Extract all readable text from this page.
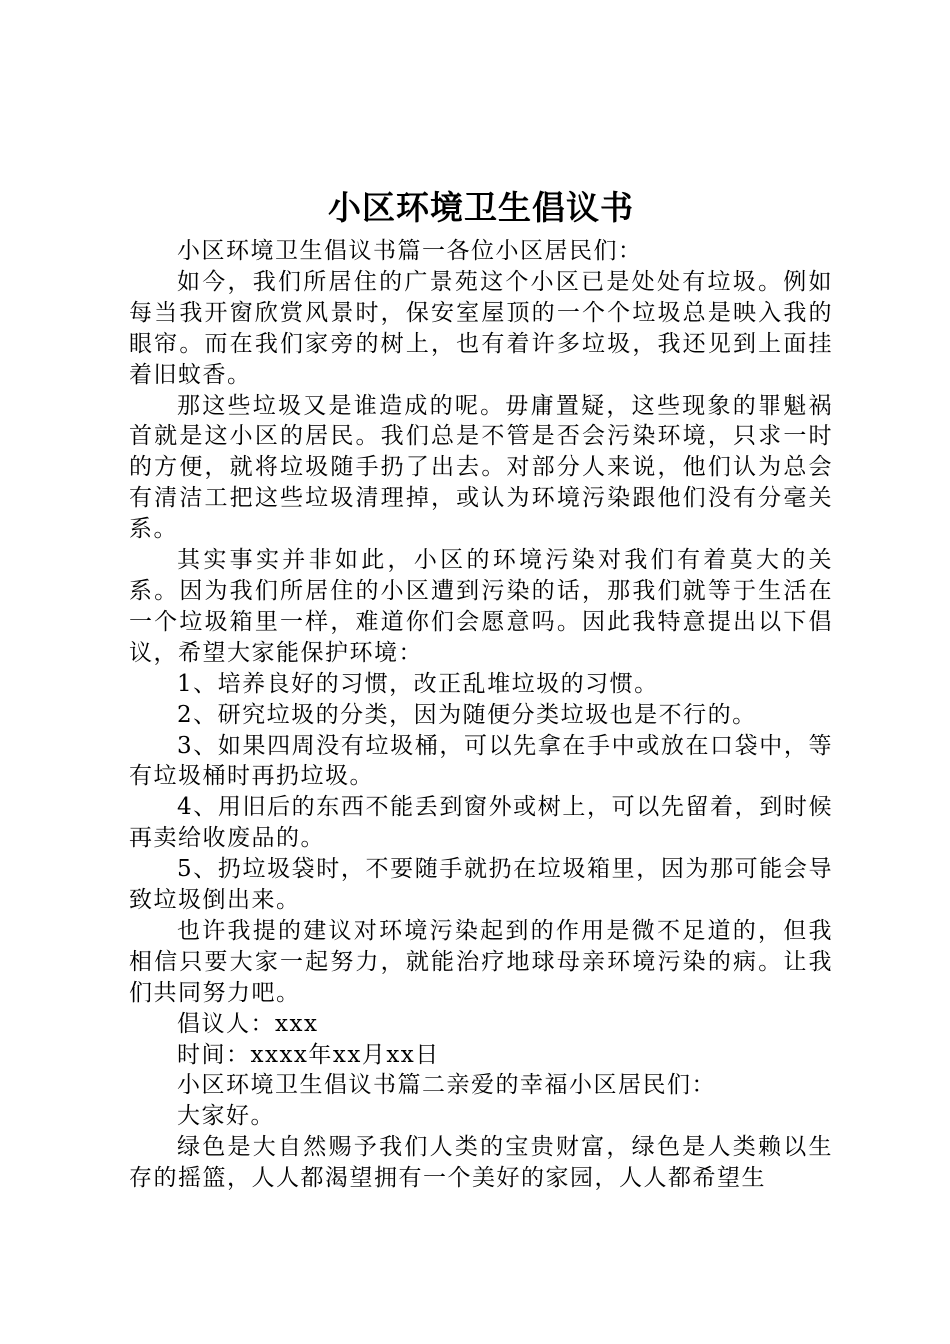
小区环境卫生倡议书

小区环境卫生倡议书篇一各位小区居民们：

如今，我们所居住的广景苑这个小区已是处处有垃圾。例如每当我开窗欣赏风景时，保安室屋顶的一个个垃圾总是映入我的眼帘。而在我们家旁的树上，也有着许多垃圾，我还见到上面挂着旧蚊香。

那这些垃圾又是谁造成的呢。毋庸置疑，这些现象的罪魁祸首就是这小区的居民。我们总是不管是否会污染环境，只求一时的方便，就将垃圾随手扔了出去。对部分人来说，他们认为总会有清洁工把这些垃圾清理掉，或认为环境污染跟他们没有分毫关系。

其实事实并非如此，小区的环境污染对我们有着莫大的关系。因为我们所居住的小区遭到污染的话，那我们就等于生活在一个垃圾箱里一样，难道你们会愿意吗。因此我特意提出以下倡议，希望大家能保护环境：

1、培养良好的习惯，改正乱堆垃圾的习惯。

2、研究垃圾的分类，因为随便分类垃圾也是不行的。

3、如果四周没有垃圾桶，可以先拿在手中或放在口袋中，等有垃圾桶时再扔垃圾。

4、用旧后的东西不能丢到窗外或树上，可以先留着，到时候再卖给收废品的。

5、扔垃圾袋时，不要随手就扔在垃圾箱里，因为那可能会导致垃圾倒出来。

也许我提的建议对环境污染起到的作用是微不足道的，但我相信只要大家一起努力，就能治疗地球母亲环境污染的病。让我们共同努力吧。

倡议人：xxx

时间：xxxx年xx月xx日

小区环境卫生倡议书篇二亲爱的幸福小区居民们：

大家好。

绿色是大自然赐予我们人类的宝贵财富，绿色是人类赖以生存的摇篮，人人都渴望拥有一个美好的家园，人人都希望生
